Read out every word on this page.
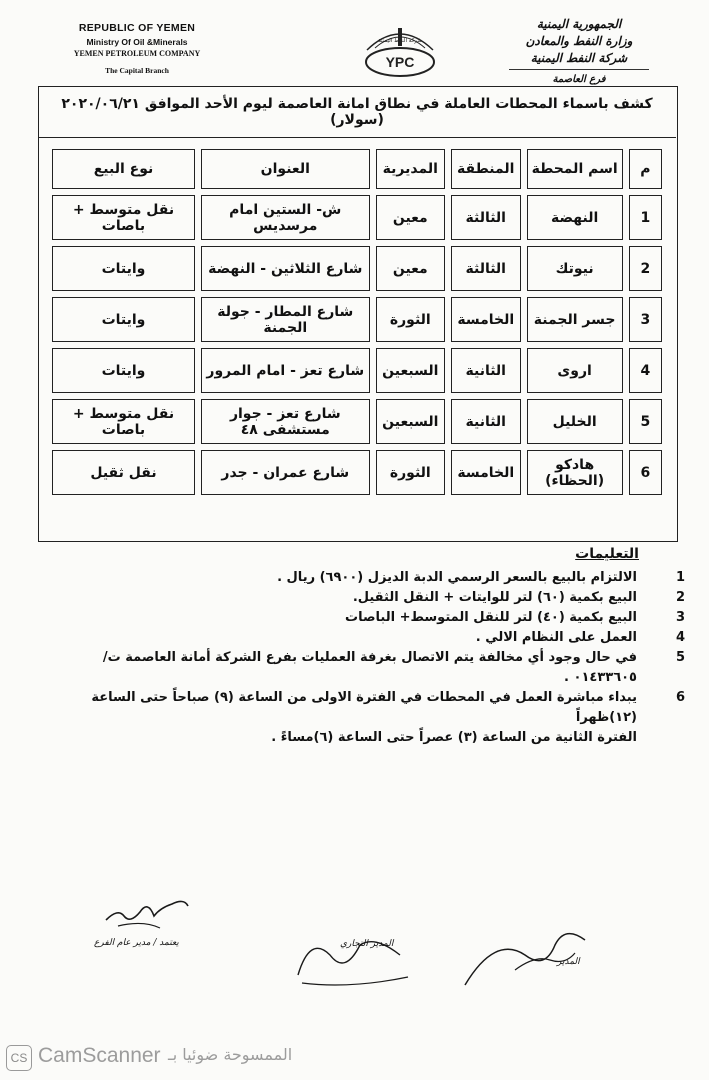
REPUBLIC OF YEMEN
Ministry Of Oil &Minerals
YEMEN PETROLEUM COMPANY
The Capital Branch
شركة النفط اليمنية
YPC
الجمهورية اليمنية
وزارة النفط والمعادن
شركة النفط اليمنية
فرع العاصمة
كشف باسماء المحطات العاملة في نطاق امانة العاصمة ليوم الأحد الموافق ٢٠٢٠/٠٦/٢١ (سولار)
م	اسم المحطة	المنطقة	المديرية	العنوان	نوع البيع
1	النهضة	الثالثة	معين	ش- الستين امام مرسديس	نقل متوسط + باصات
2	نيوتك	الثالثة	معين	شارع الثلاثين - النهضة	وايتات
3	جسر الجمنة	الخامسة	الثورة	شارع المطار - جولة الجمنة	وايتات
4	اروى	الثانية	السبعين	شارع تعز - امام المرور	وايتات
5	الخليل	الثانية	السبعين	شارع تعز - جوار مستشفى ٤٨	نقل متوسط + باصات
6	هادكو (الحظاء)	الخامسة	الثورة	شارع عمران - جدر	نقل ثقيل
التعليمات
1
الالتزام بالبيع بالسعر الرسمي الدبة الديزل (٦٩٠٠) ريال .
2
البيع بكمية (٦٠) لتر للوايتات + النقل الثقيل.
3
البيع بكمية (٤٠) لتر للنقل المتوسط+ الباصات
4
العمل على النظام الالي .
5
في حال وجود أي مخالفة يتم الاتصال بغرفة العمليات بفرع الشركة أمانة العاصمة ت/٠١٤٣٣٦٠٥ .
6
يبداء مباشرة العمل في المحطات في الفترة الاولى من الساعة (٩) صباحاً حتى الساعة (١٢)ظهراً
الفترة الثانية من الساعة (٣) عصراً حتى الساعة (٦)مساءً .
يعتمد / مدير عام الفرع	المدير التجاري
المدير
CS CamScanner الممسوحة ضوئيا بـ
